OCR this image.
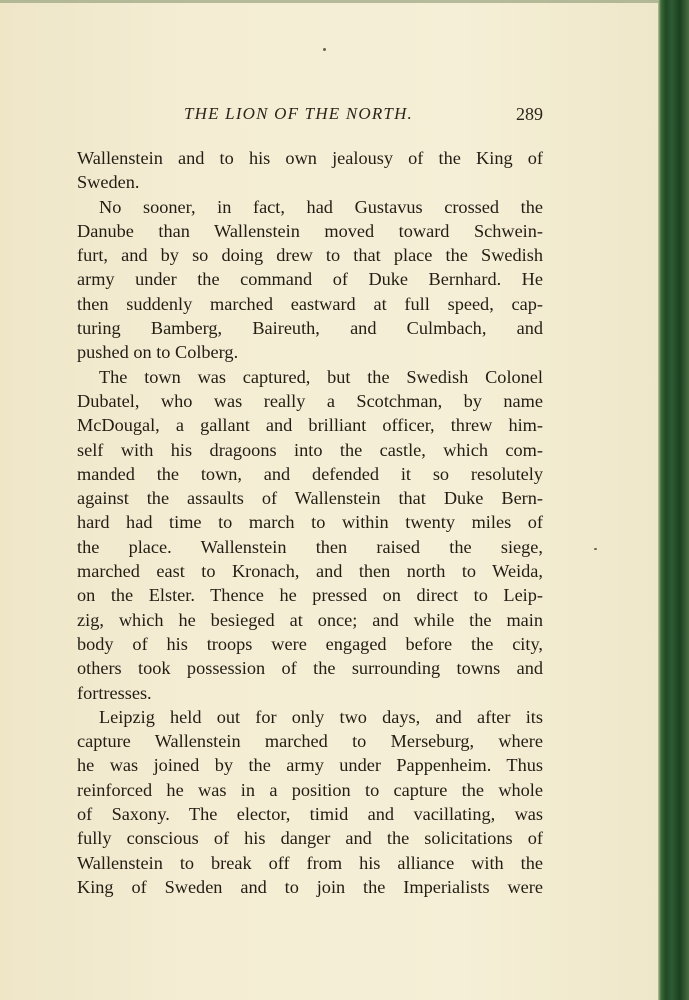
THE LION OF THE NORTH.	289
Wallenstein and to his own jealousy of the King of
Sweden.
No sooner, in fact, had Gustavus crossed the
Danube than Wallenstein moved toward Schwein-
furt, and by so doing drew to that place the Swedish
army under the command of Duke Bernhard. He
then suddenly marched eastward at full speed, cap-
turing Bamberg, Baireuth, and Culmbach, and
pushed on to Colberg.
The town was captured, but the Swedish Colonel
Dubatel, who was really a Scotchman, by name
McDougal, a gallant and brilliant officer, threw him-
self with his dragoons into the castle, which com-
manded the town, and defended it so resolutely
against the assaults of Wallenstein that Duke Bern-
hard had time to march to within twenty miles of
the place. Wallenstein then raised the siege,
marched east to Kronach, and then north to Weida,
on the Elster. Thence he pressed on direct to Leip-
zig, which he besieged at once; and while the main
body of his troops were engaged before the city,
others took possession of the surrounding towns and
fortresses.
Leipzig held out for only two days, and after its
capture Wallenstein marched to Merseburg, where
he was joined by the army under Pappenheim. Thus
reinforced he was in a position to capture the whole
of Saxony. The elector, timid and vacillating, was
fully conscious of his danger and the solicitations of
Wallenstein to break off from his alliance with the
King of Sweden and to join the Imperialists were
